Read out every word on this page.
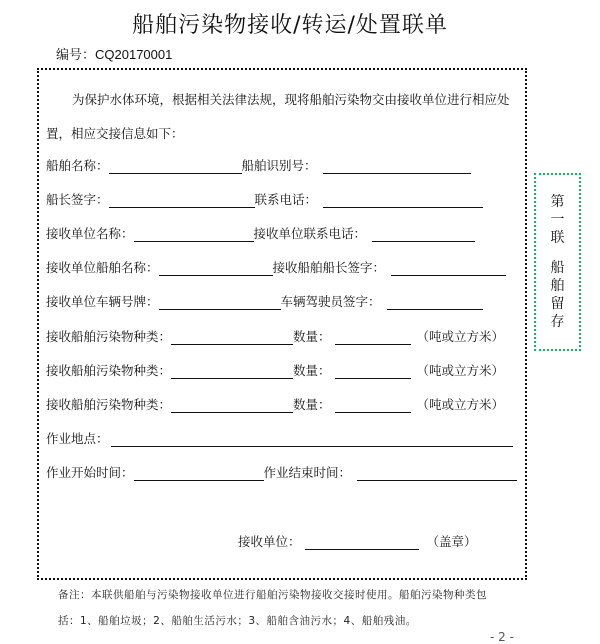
船舶污染物接收/转运/处置联单
编号：CQ20170001
为保护水体环境，根据相关法律法规，现将船舶污染物交由接收单位进行相应处
置，相应交接信息如下：
船舶名称：	船舶识别号：
船长签字：	联系电话：
接收单位名称：	接收单位联系电话：
接收单位船舶名称：	接收船舶船长签字：
接收单位车辆号牌：	车辆驾驶员签字：
接收船舶污染物种类：	数量：	（吨或立方米）
接收船舶污染物种类：	数量：	（吨或立方米）
接收船舶污染物种类：	数量：	（吨或立方米）
作业地点：
作业开始时间：	作业结束时间：
接收单位：	（盖章）
第
一
联
船
舶
留
存
备注：本联供船舶与污染物接收单位进行船舶污染物接收交接时使用。船舶污染物种类包
括：1、船舶垃圾；2、船舶生活污水；3、船舶含油污水；4、船舶残油。
- 2 -
